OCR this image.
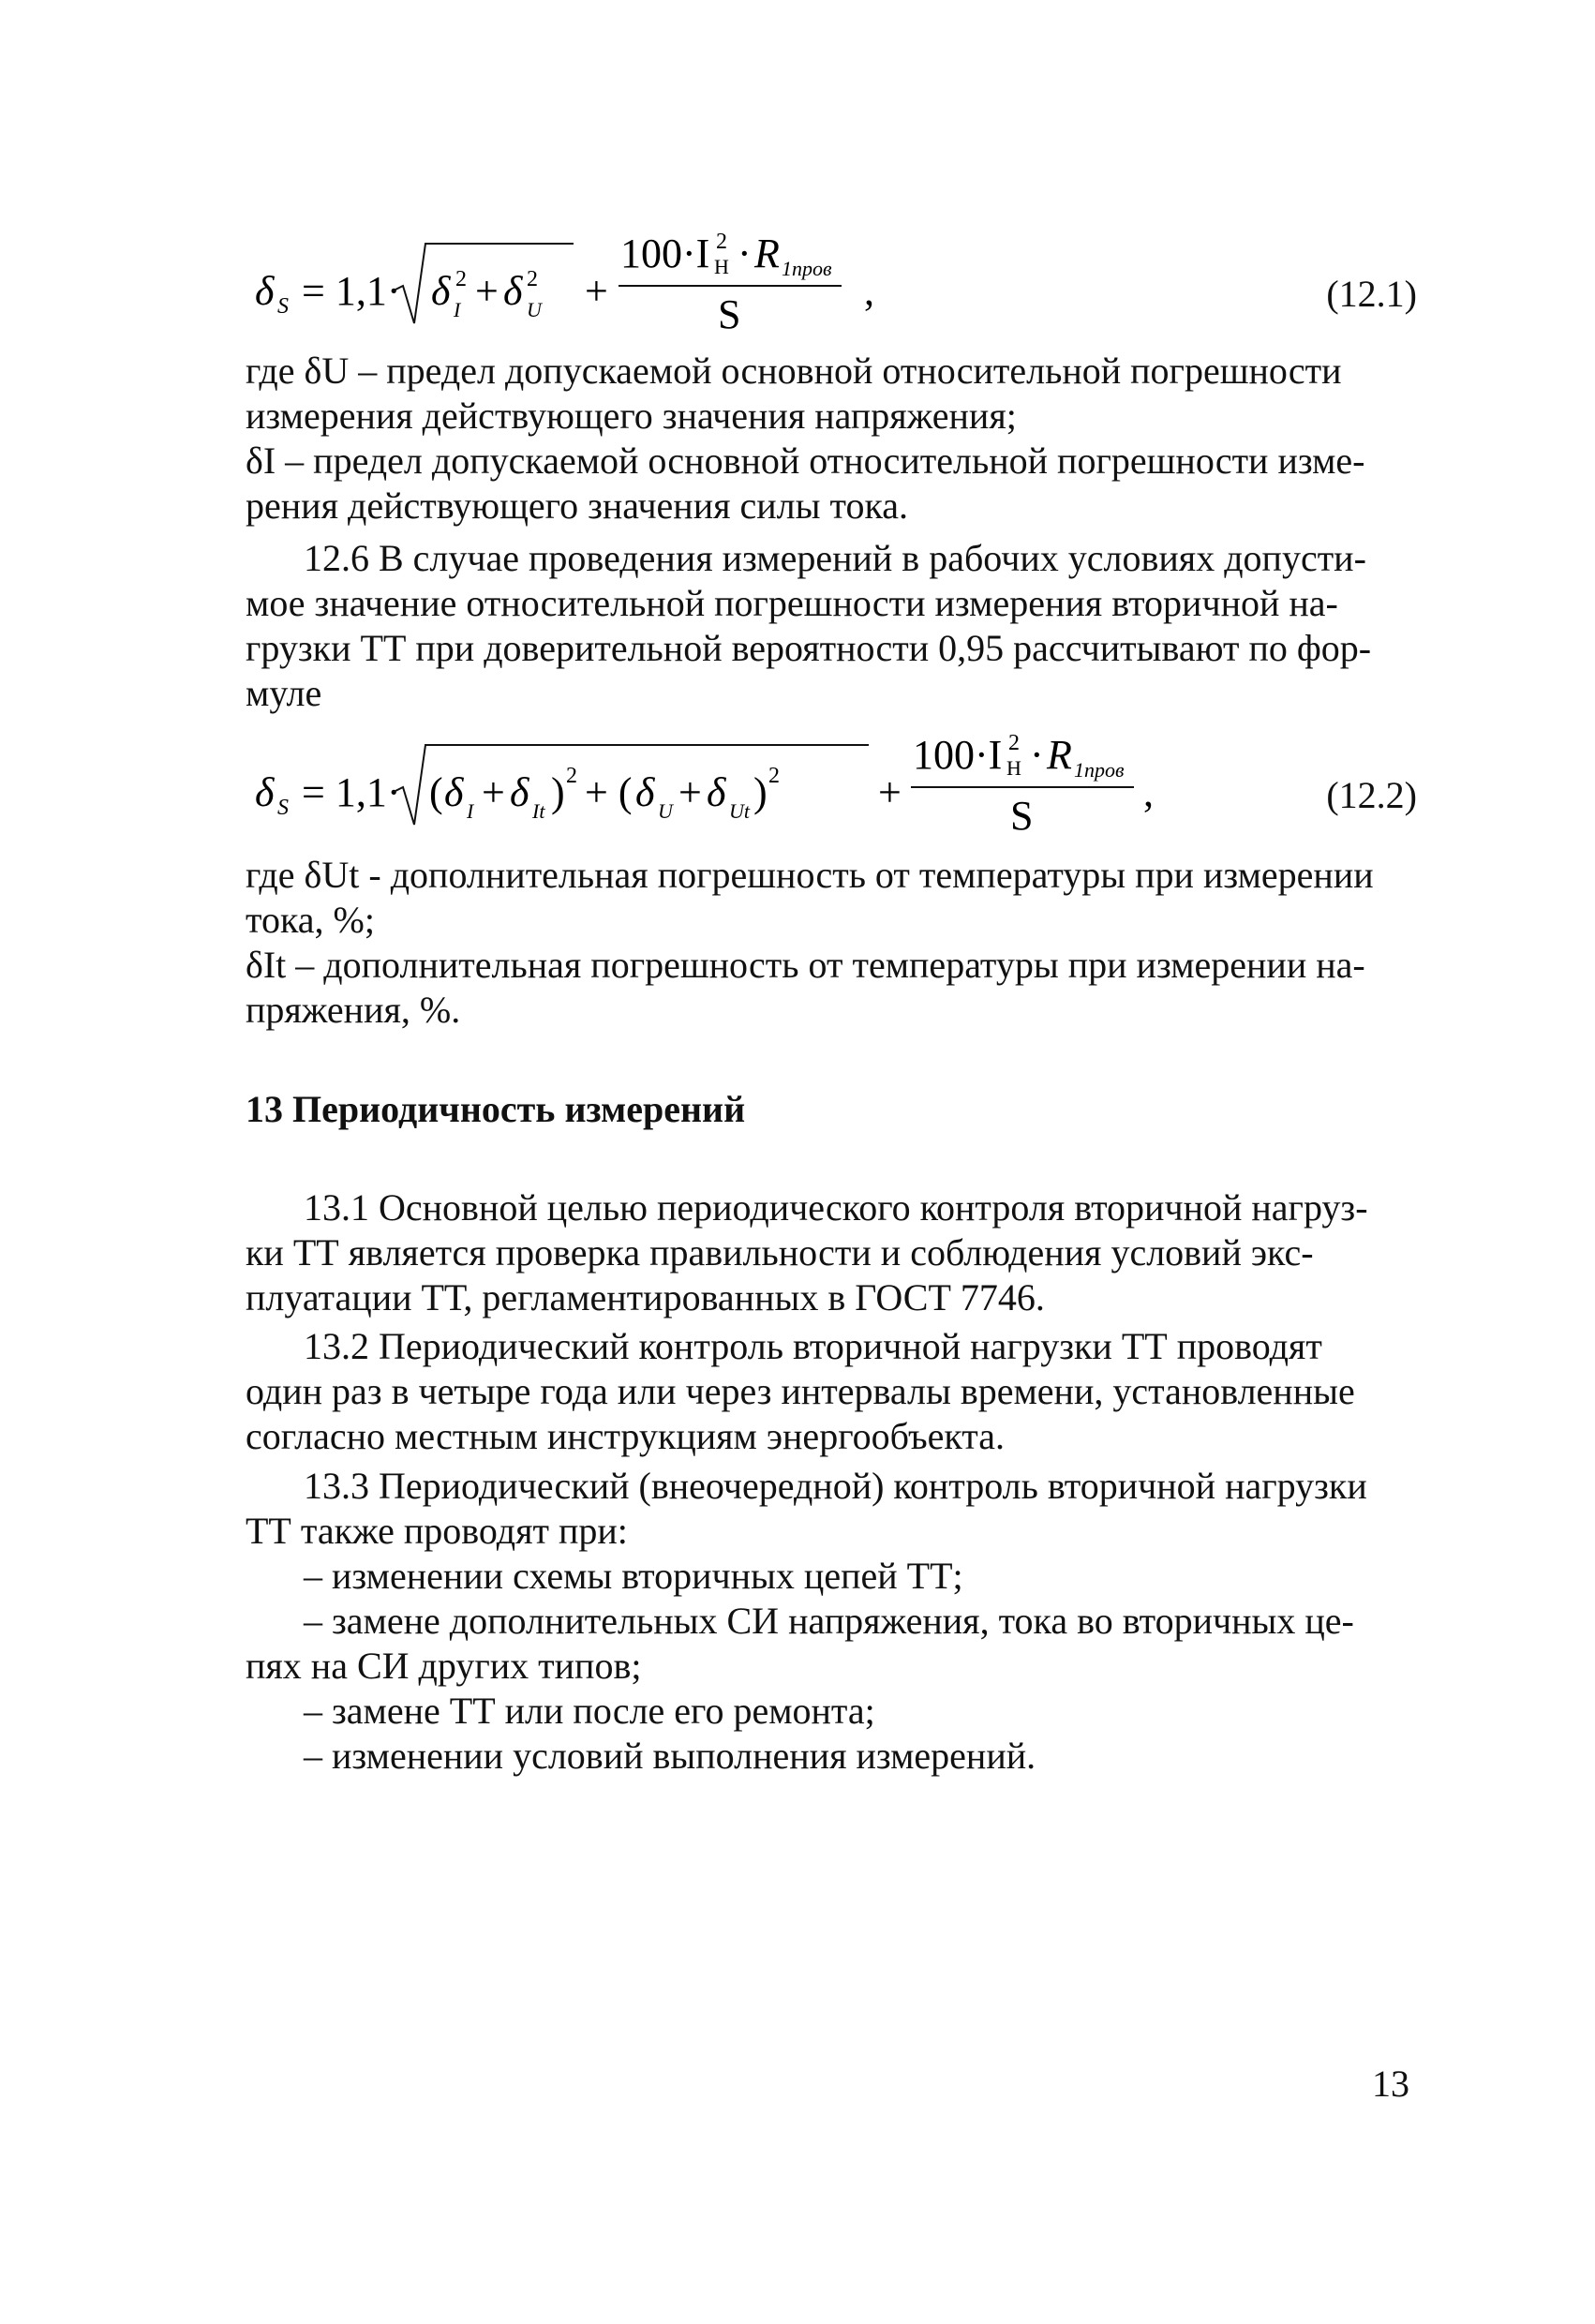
δ S = 1,1· δ 2
I + δ 2
U +
100·I 2
Н · R 1пров
S
,	(12.1)
где δU – предел допускаемой основной относительной погрешности
измерения действующего значения напряжения;
δI – предел допускаемой основной относительной погрешности изме-
рения действующего значения силы тока.
12.6 В случае проведения измерений в рабочих условиях допусти-
мое значение относительной погрешности измерения вторичной на-
грузки ТТ при доверительной вероятности 0,95 рассчитывают по фор-
муле
δ S = 1,1· ( δ I + δ It ) 2 + ( δ U + δ Ut ) 2 +
100·I 2
Н · R 1пров
S
,	(12.2)
где δUt - дополнительная погрешность от температуры при измерении
тока, %;
δIt – дополнительная погрешность от температуры при измерении на-
пряжения, %.
13 Периодичность измерений
13.1 Основной целью периодического контроля вторичной нагруз-
ки ТТ является проверка правильности и соблюдения условий экс-
плуатации ТТ, регламентированных в ГОСТ 7746.
13.2 Периодический контроль вторичной нагрузки ТТ проводят
один раз в четыре года или через интервалы времени, установленные
согласно местным инструкциям энергообъекта.
13.3 Периодический (внеочередной) контроль вторичной нагрузки
ТТ также проводят при:
– изменении схемы вторичных цепей ТТ;
– замене дополнительных СИ напряжения, тока во вторичных це-
пях на СИ других типов;
– замене ТТ или после его ремонта;
– изменении условий выполнения измерений.
13
